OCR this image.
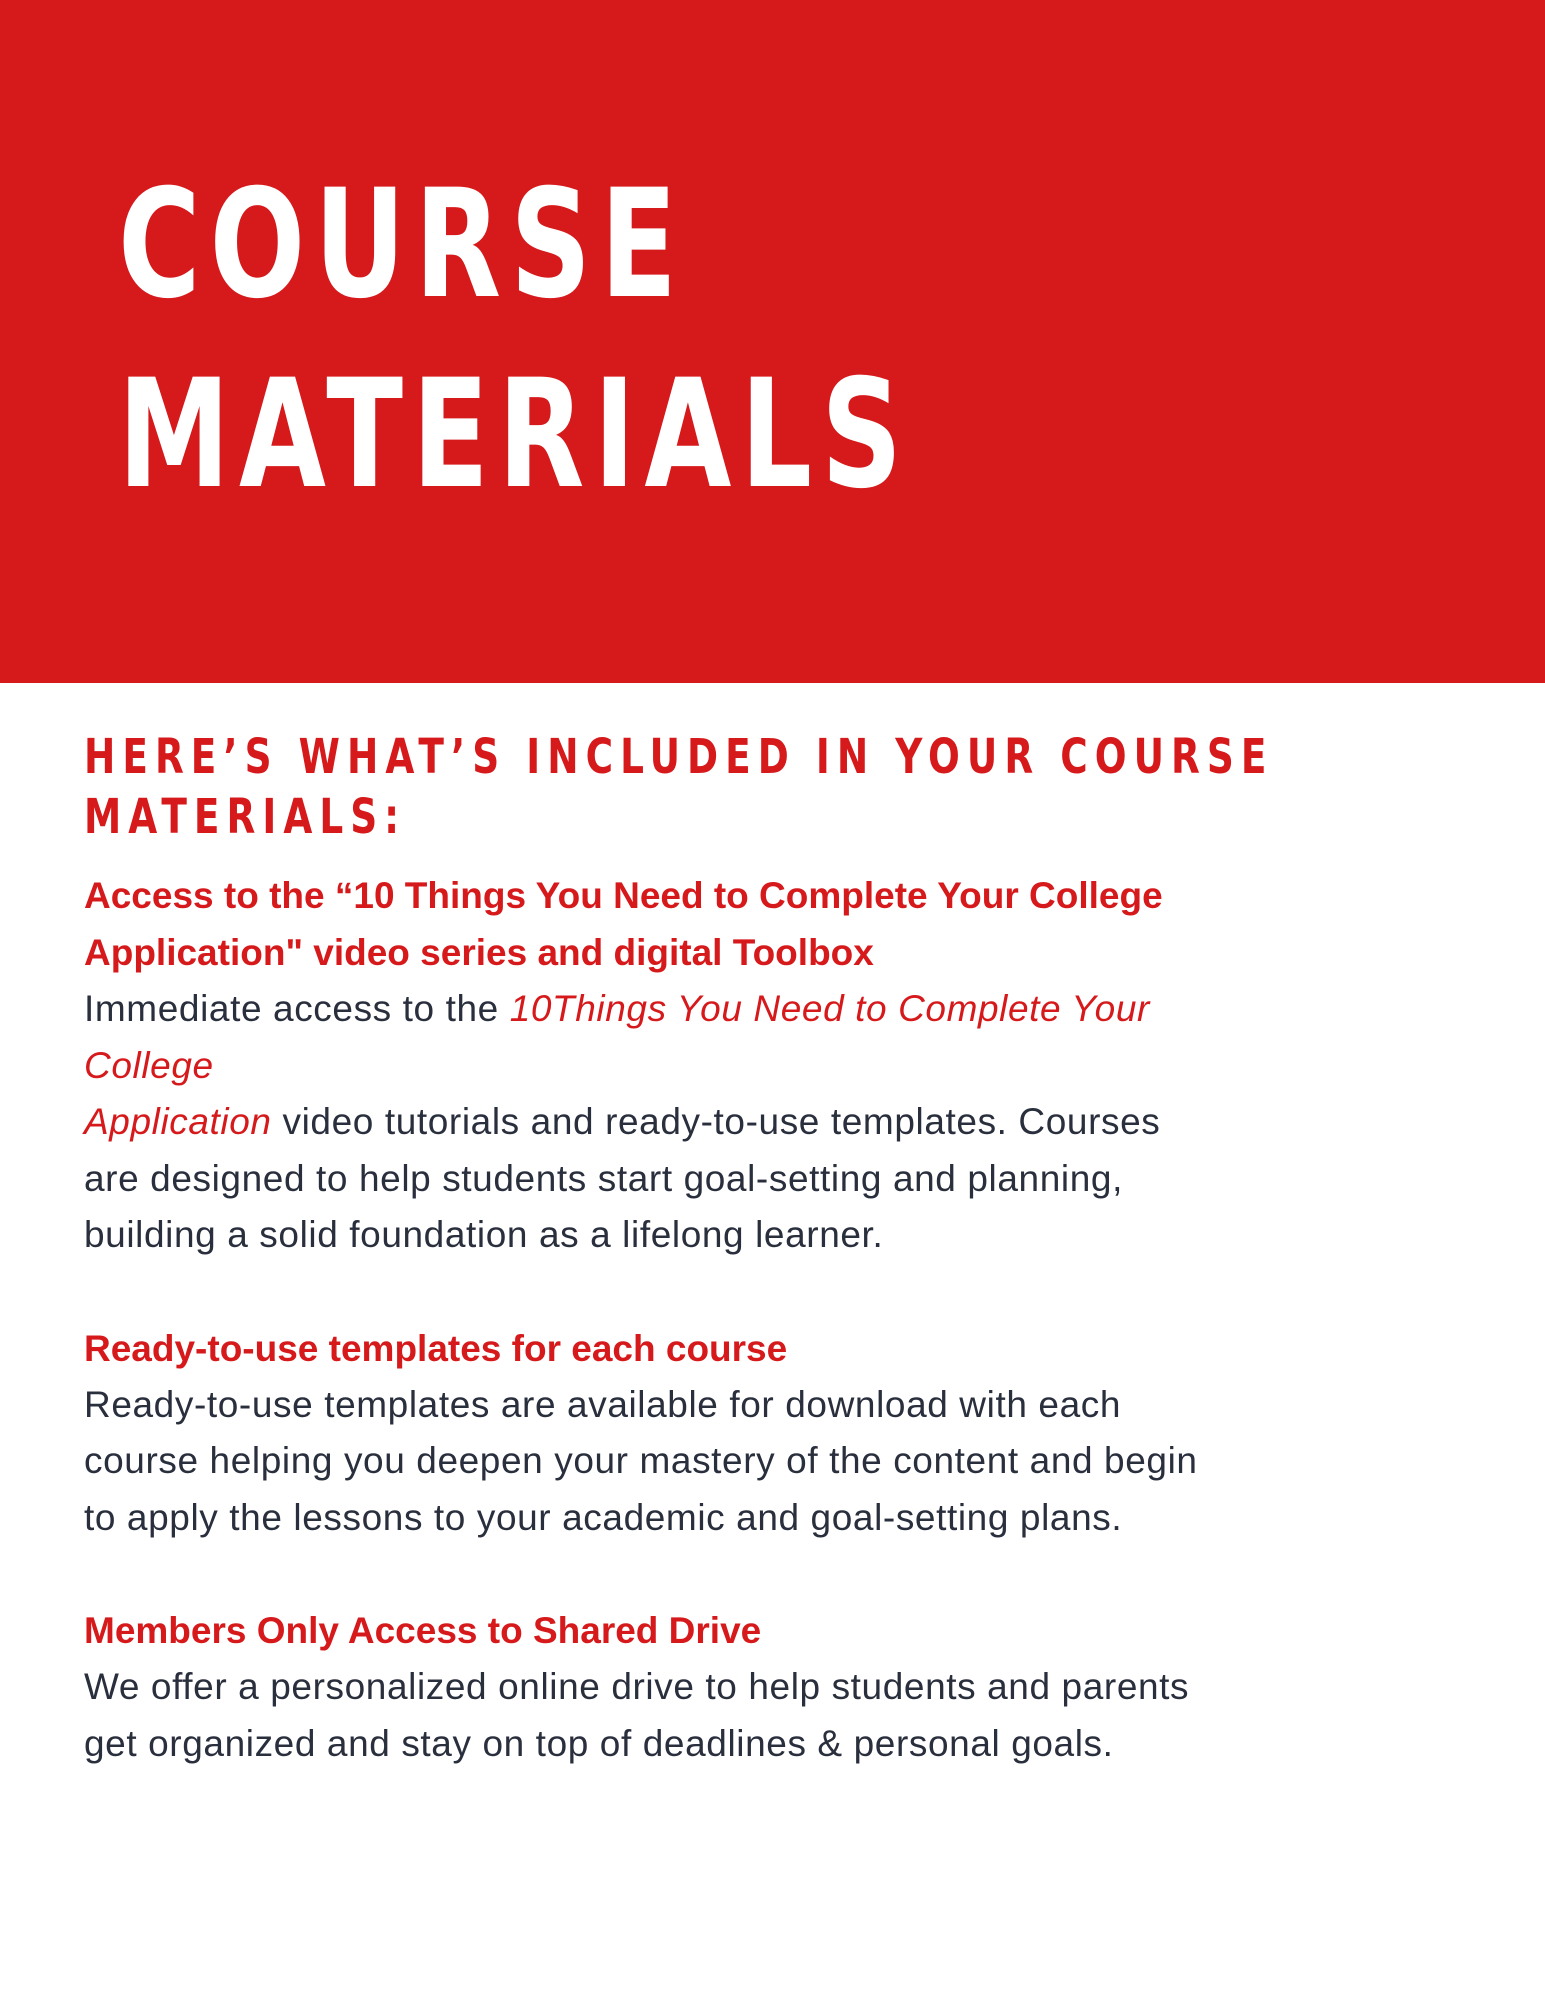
COURSE
MATERIALS
HERE’S WHAT’S INCLUDED IN YOUR COURSE
MATERIALS:
Access to the “10 Things You Need to Complete Your College
Application" video series and digital Toolbox

Immediate access to the 10Things You Need to Complete Your
College
Application video tutorials and ready-to-use templates. Courses
are designed to help students start goal-setting and planning,
building a solid foundation as a lifelong learner.

Ready-to-use templates for each course

Ready-to-use templates are available for download with each
course helping you deepen your mastery of the content and begin
to apply the lessons to your academic and goal-setting plans.

Members Only Access to Shared Drive

We offer a personalized online drive to help students and parents
get organized and stay on top of deadlines & personal goals.
